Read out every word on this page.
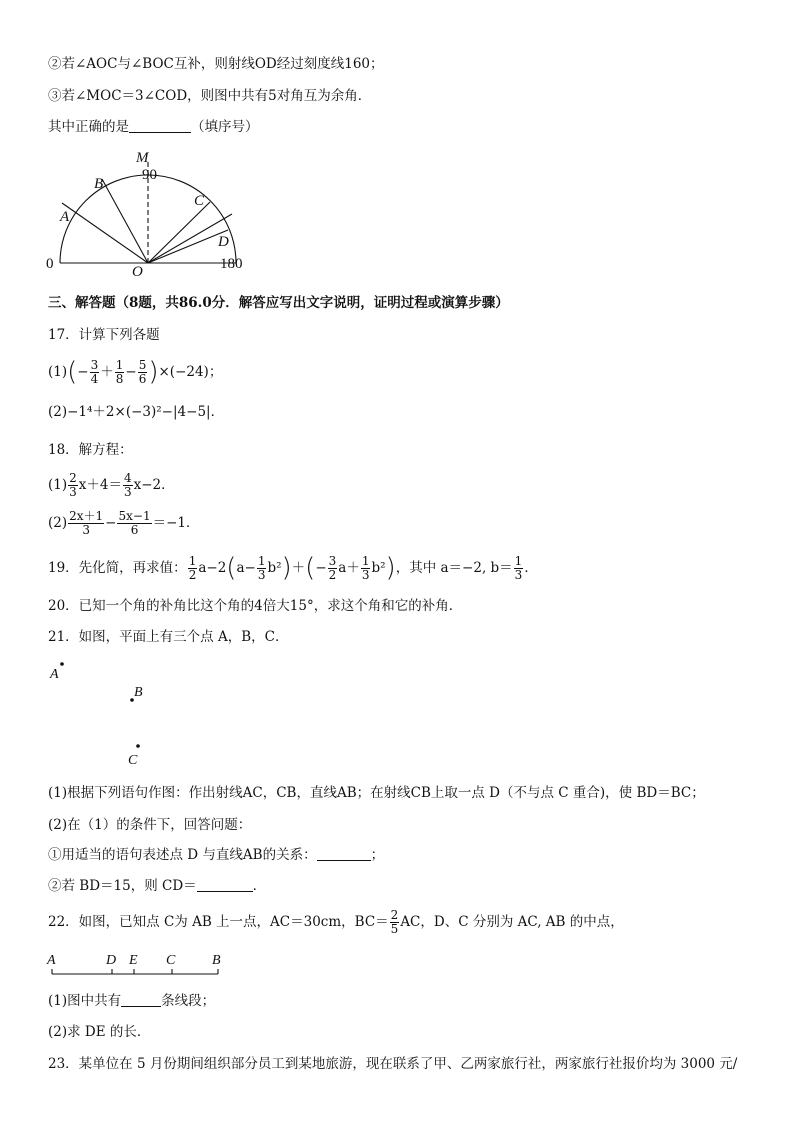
②若∠AOC与∠BOC互补，则射线OD经过刻度线160；
③若∠MOC＝3∠COD，则图中共有5对角互为余角．
其中正确的是	（填序号）
M
B
C
A
D
O
90
0	180
三、解答题（8题，共86.0分．解答应写出文字说明，证明过程或演算步骤）
17．计算下列各题
(1) ( − $\frac{3}{4} + \frac{1}{8} - \frac{5}{6}$ ) ×(−24)；
(2)−1⁴＋2×(−3)²−|4−5|．
18．解方程：
$(1) \frac{2}{3} x+4= \frac{4}{3} x-2$．
$(2) \frac{2x+1}{3} - \frac{5x-1}{6} =-1$．
19．先化简，再求值： $\frac{1}{2} a-2$ ( $a- \frac{1}{3} b^2$ ) ＋ ( − $\frac{3}{2} a+ \frac{1}{3} b^2$ ) ，其中 a＝−2, $b= \frac{1}{3}$ ．
20．已知一个角的补角比这个角的4倍大15°，求这个角和它的补角．
21．如图，平面上有三个点 A，B，C．
A
B
C
(1)根据下列语句作图：作出射线AC，CB，直线AB；在射线CB上取一点 D（不与点 C 重合)，使 BD＝BC；
(2)在（1）的条件下，回答问题：
①用适当的语句表述点 D 与直线AB的关系：	；
②若 BD＝15，则 CD＝	．
22．如图，已知点 C为 AB 上一点，AC＝30cm，$BC= \frac{2}{5}$ AC，D、C 分别为 AC, AB 的中点，
A	D E C	B
(1)图中共有	条线段；
(2)求 DE 的长．
23．某单位在 5 月份期间组织部分员工到某地旅游，现在联系了甲、乙两家旅行社，两家旅行社报价均为 3000 元/
